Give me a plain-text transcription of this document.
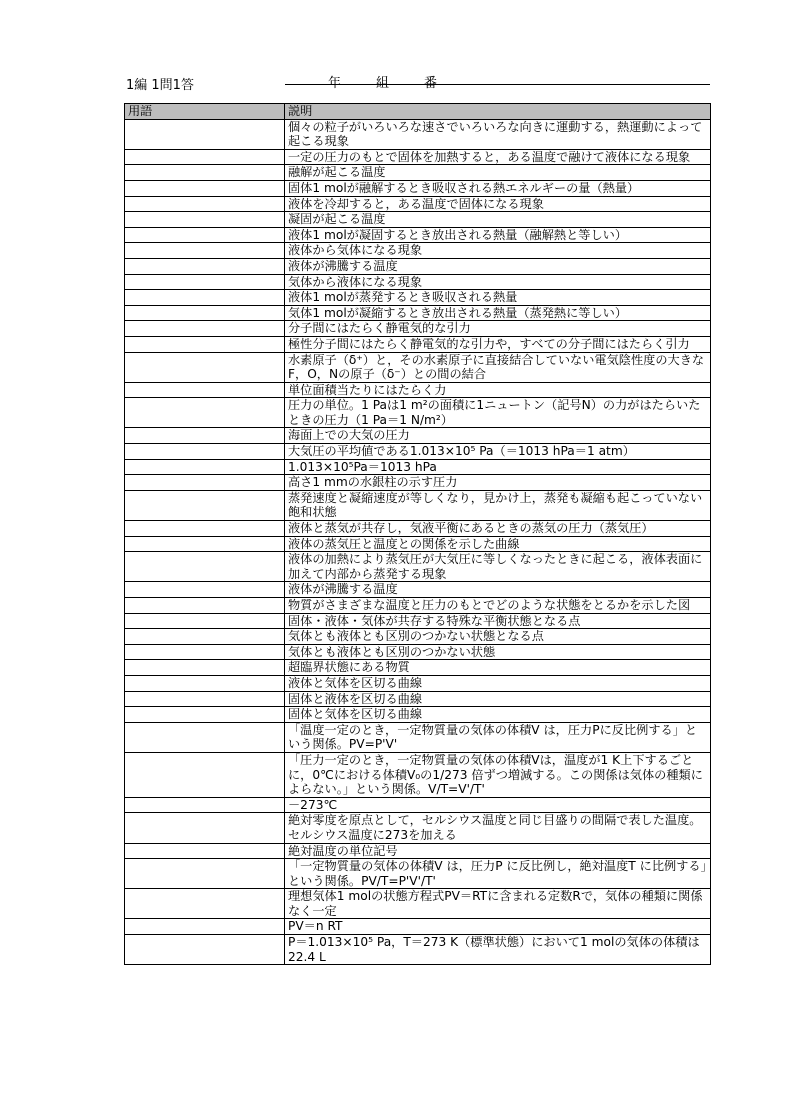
1編 1問1答	年	組	番
用語	説明
	個々の粒子がいろいろな速さでいろいろな向きに運動する，熱運動によって起こる現象
	一定の圧力のもとで固体を加熱すると，ある温度で融けて液体になる現象
	融解が起こる温度
	固体1 molが融解するとき吸収される熱エネルギーの量（熱量）
	液体を冷却すると，ある温度で固体になる現象
	凝固が起こる温度
	液体1 molが凝固するとき放出される熱量（融解熱と等しい）
	液体から気体になる現象
	液体が沸騰する温度
	気体から液体になる現象
	液体1 molが蒸発するとき吸収される熱量
	気体1 molが凝縮するとき放出される熱量（蒸発熱に等しい）
	分子間にはたらく静電気的な引力
	極性分子間にはたらく静電気的な引力や，すべての分子間にはたらく引力
	水素原子（δ⁺）と，その水素原子に直接結合していない電気陰性度の大きなF，O，Nの原子（δ⁻）との間の結合
	単位面積当たりにはたらく力
	圧力の単位。1 Paは1 m²の面積に1ニュートン（記号N）の力がはたらいたときの圧力（1 Pa＝1 N/m²）
	海面上での大気の圧力
	大気圧の平均値である1.013×10⁵ Pa（＝1013 hPa＝1 atm）
	1.013×10⁵Pa＝1013 hPa
	高さ1 mmの水銀柱の示す圧力
	蒸発速度と凝縮速度が等しくなり，見かけ上，蒸発も凝縮も起こっていない飽和状態
	液体と蒸気が共存し，気液平衡にあるときの蒸気の圧力（蒸気圧）
	液体の蒸気圧と温度との関係を示した曲線
	液体の加熱により蒸気圧が大気圧に等しくなったときに起こる，液体表面に加えて内部から蒸発する現象
	液体が沸騰する温度
	物質がさまざまな温度と圧力のもとでどのような状態をとるかを示した図
	固体・液体・気体が共存する特殊な平衡状態となる点
	気体とも液体とも区別のつかない状態となる点
	気体とも液体とも区別のつかない状態
	超臨界状態にある物質
	液体と気体を区切る曲線
	固体と液体を区切る曲線
	固体と気体を区切る曲線
	「温度一定のとき，一定物質量の気体の体積V は，圧力Pに反比例する」という関係。PV=P'V'
	「圧力一定のとき，一定物質量の気体の体積Vは，温度が1 K上下するごとに，0℃における体積V₀の1/273 倍ずつ増減する。この関係は気体の種類によらない。」という関係。V/T=V'/T'
	－273℃
	絶対零度を原点として，セルシウス温度と同じ目盛りの間隔で表した温度。セルシウス温度に273を加える
	絶対温度の単位記号
	「一定物質量の気体の体積V は，圧力P に反比例し，絶対温度T に比例する」という関係。PV/T=P'V'/T'
	理想気体1 molの状態方程式PV＝RTに含まれる定数Rで，気体の種類に関係なく一定
	PV＝n RT
	P＝1.013×10⁵ Pa，T＝273 K（標準状態）において1 molの気体の体積は22.4 L
